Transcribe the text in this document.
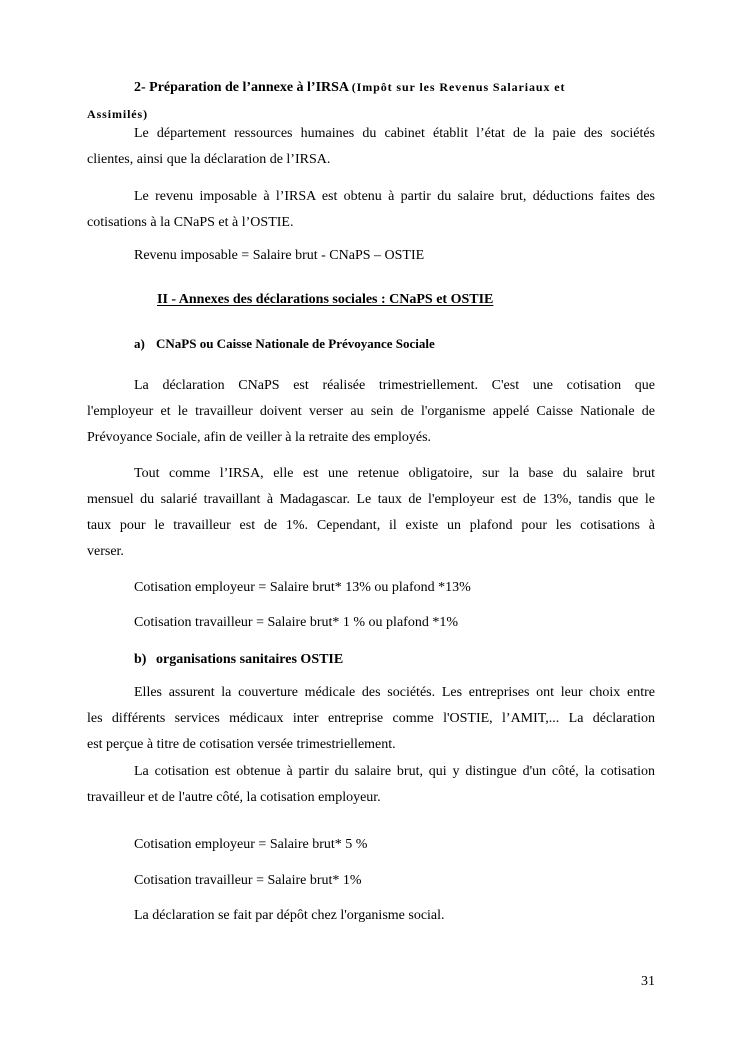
2- Préparation de l’annexe à l’IRSA (Impôt sur les Revenus Salariaux et
Assimilés)
Le département ressources humaines du cabinet établit l’état de la paie des sociétés
clientes, ainsi que la déclaration de l’IRSA.
Le revenu imposable à l’IRSA est obtenu à partir du salaire brut, déductions faites des
cotisations à la CNaPS et à l’OSTIE.
Revenu imposable = Salaire brut - CNaPS – OSTIE
II - Annexes des déclarations sociales : CNaPS et OSTIE
a) CNaPS ou Caisse Nationale de Prévoyance Sociale
La déclaration CNaPS est réalisée trimestriellement. C'est une cotisation que
l'employeur et le travailleur doivent verser au sein de l'organisme appelé Caisse Nationale de
Prévoyance Sociale, afin de veiller à la retraite des employés.
Tout comme l’IRSA, elle est une retenue obligatoire, sur la base du salaire brut
mensuel du salarié travaillant à Madagascar. Le taux de l'employeur est de 13%, tandis que le
taux pour le travailleur est de 1%. Cependant, il existe un plafond pour les cotisations à
verser.
Cotisation employeur = Salaire brut* 13% ou plafond *13%
Cotisation travailleur = Salaire brut* 1 % ou plafond *1%
b) organisations sanitaires OSTIE
Elles assurent la couverture médicale des sociétés. Les entreprises ont leur choix entre
les différents services médicaux inter entreprise comme l'OSTIE, l’AMIT,... La déclaration
est perçue à titre de cotisation versée trimestriellement.
La cotisation est obtenue à partir du salaire brut, qui y distingue d'un côté, la cotisation
travailleur et de l'autre côté, la cotisation employeur.
Cotisation employeur = Salaire brut* 5 %
Cotisation travailleur = Salaire brut* 1%
La déclaration se fait par dépôt chez l'organisme social.
31
